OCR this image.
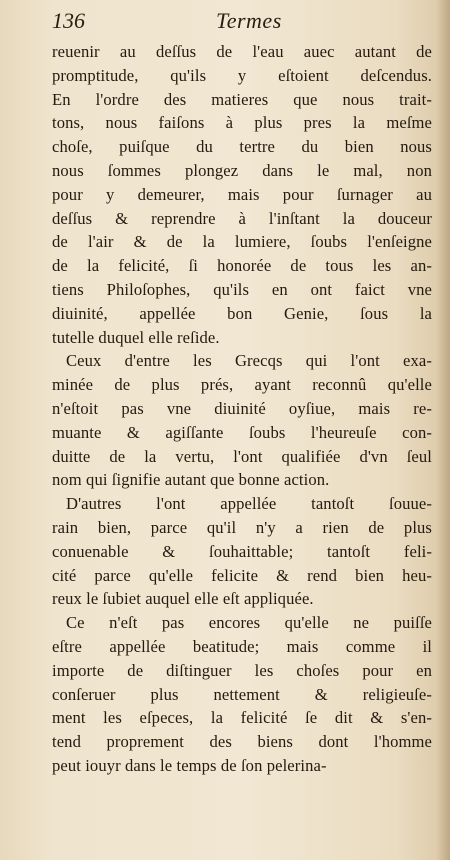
136	Termes
reuenir au deſſus de l'eau auec autant de
promptitude, qu'ils y eſtoient deſcendus.
En l'ordre des matieres que nous trait-
tons, nous faiſons à plus pres la meſme
choſe, puiſque du tertre du bien nous
nous ſommes plongez dans le mal, non
pour y demeurer, mais pour ſurnager au
deſſus & reprendre à l'inſtant la douceur
de l'air & de la lumiere, ſoubs l'enſeigne
de la felicité, ſi honorée de tous les an-
tiens Philoſophes, qu'ils en ont faict vne
diuinité, appellée bon Genie, ſous la
tutelle duquel elle reſide.
Ceux d'entre les Grecqs qui l'ont exa-
minée de plus prés, ayant reconnû qu'elle
n'eſtoit pas vne diuinité oyſiue, mais re-
muante & agiſſante ſoubs l'heureuſe con-
duitte de la vertu, l'ont qualifiée d'vn ſeul
nom qui ſignifie autant que bonne action.
D'autres l'ont appellée tantoſt ſouue-
rain bien, parce qu'il n'y a rien de plus
conuenable & ſouhaittable; tantoſt feli-
cité parce qu'elle felicite & rend bien heu-
reux le ſubiet auquel elle eſt appliquée.
Ce n'eſt pas encores qu'elle ne puiſſe
eſtre appellée beatitude; mais comme il
importe de diſtinguer les choſes pour en
conſeruer plus nettement & religieuſe-
ment les eſpeces, la felicité ſe dit & s'en-
tend proprement des biens dont l'homme
peut iouyr dans le temps de ſon pelerina-
